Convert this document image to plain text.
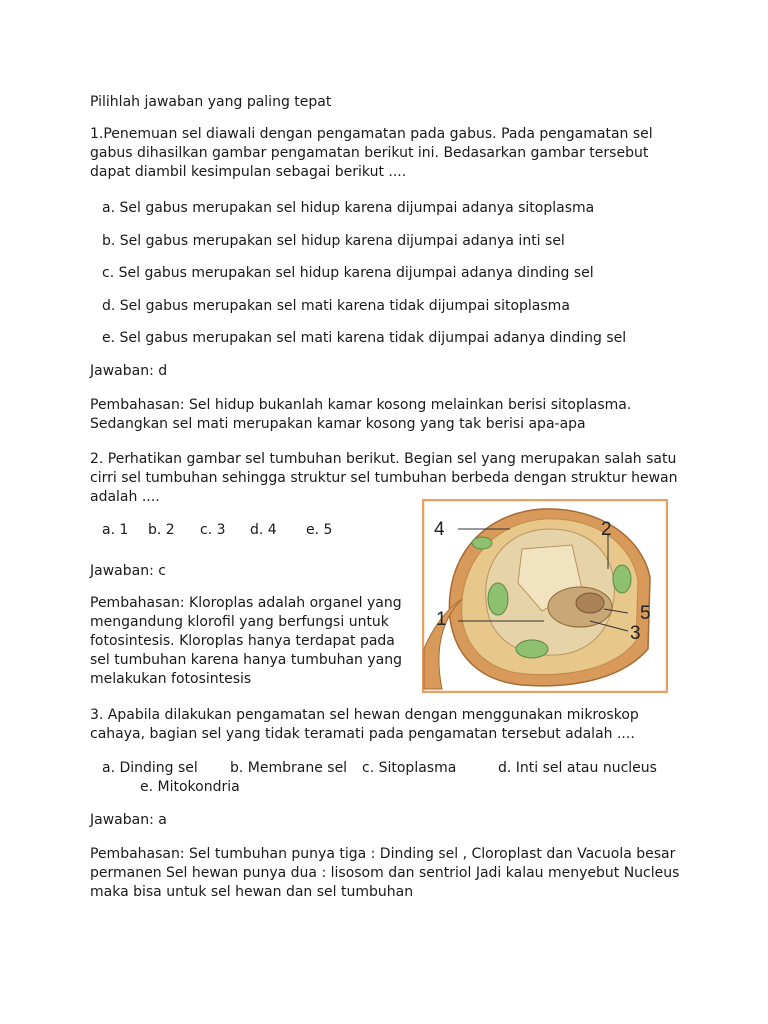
Pilihlah jawaban yang paling tepat

1.Penemuan sel diawali dengan pengamatan pada gabus. Pada pengamatan sel gabus dihasilkan gambar pengamatan berikut ini. Bedasarkan gambar tersebut dapat diambil kesimpulan sebagai berikut ....

a. Sel gabus merupakan sel hidup karena dijumpai adanya sitoplasma

b. Sel gabus merupakan sel hidup karena dijumpai adanya inti sel

c. Sel gabus merupakan sel hidup karena dijumpai adanya dinding sel

d. Sel gabus merupakan sel mati karena tidak dijumpai sitoplasma

e. Sel gabus merupakan sel mati karena tidak dijumpai adanya dinding sel

Jawaban: d

Pembahasan: Sel hidup bukanlah kamar kosong melainkan berisi sitoplasma. Sedangkan sel mati merupakan kamar kosong yang tak berisi apa-apa

2. Perhatikan gambar sel tumbuhan berikut. Begian sel yang merupakan salah satu cirri sel tumbuhan sehingga struktur sel tumbuhan berbeda dengan struktur hewan adalah ....

a. 1 b. 2 c. 3 d. 4 e. 5

Jawaban: c

Pembahasan: Kloroplas adalah organel yang mengandung klorofil yang berfungsi untuk fotosintesis. Kloroplas hanya terdapat pada sel tumbuhan karena hanya tumbuhan yang melakukan fotosintesis

4	2
5
1
3

3. Apabila dilakukan pengamatan sel hewan dengan menggunakan mikroskop cahaya, bagian sel yang tidak teramati pada pengamatan tersebut adalah ....

a. Dinding sel b. Membrane sel c. Sitoplasma	d. Inti sel atau nucleus

e. Mitokondria

Jawaban: a

Pembahasan: Sel tumbuhan punya tiga : Dinding sel , Cloroplast dan Vacuola besar permanen Sel hewan punya dua : lisosom dan sentriol Jadi kalau menyebut Nucleus maka bisa untuk sel hewan dan sel tumbuhan
